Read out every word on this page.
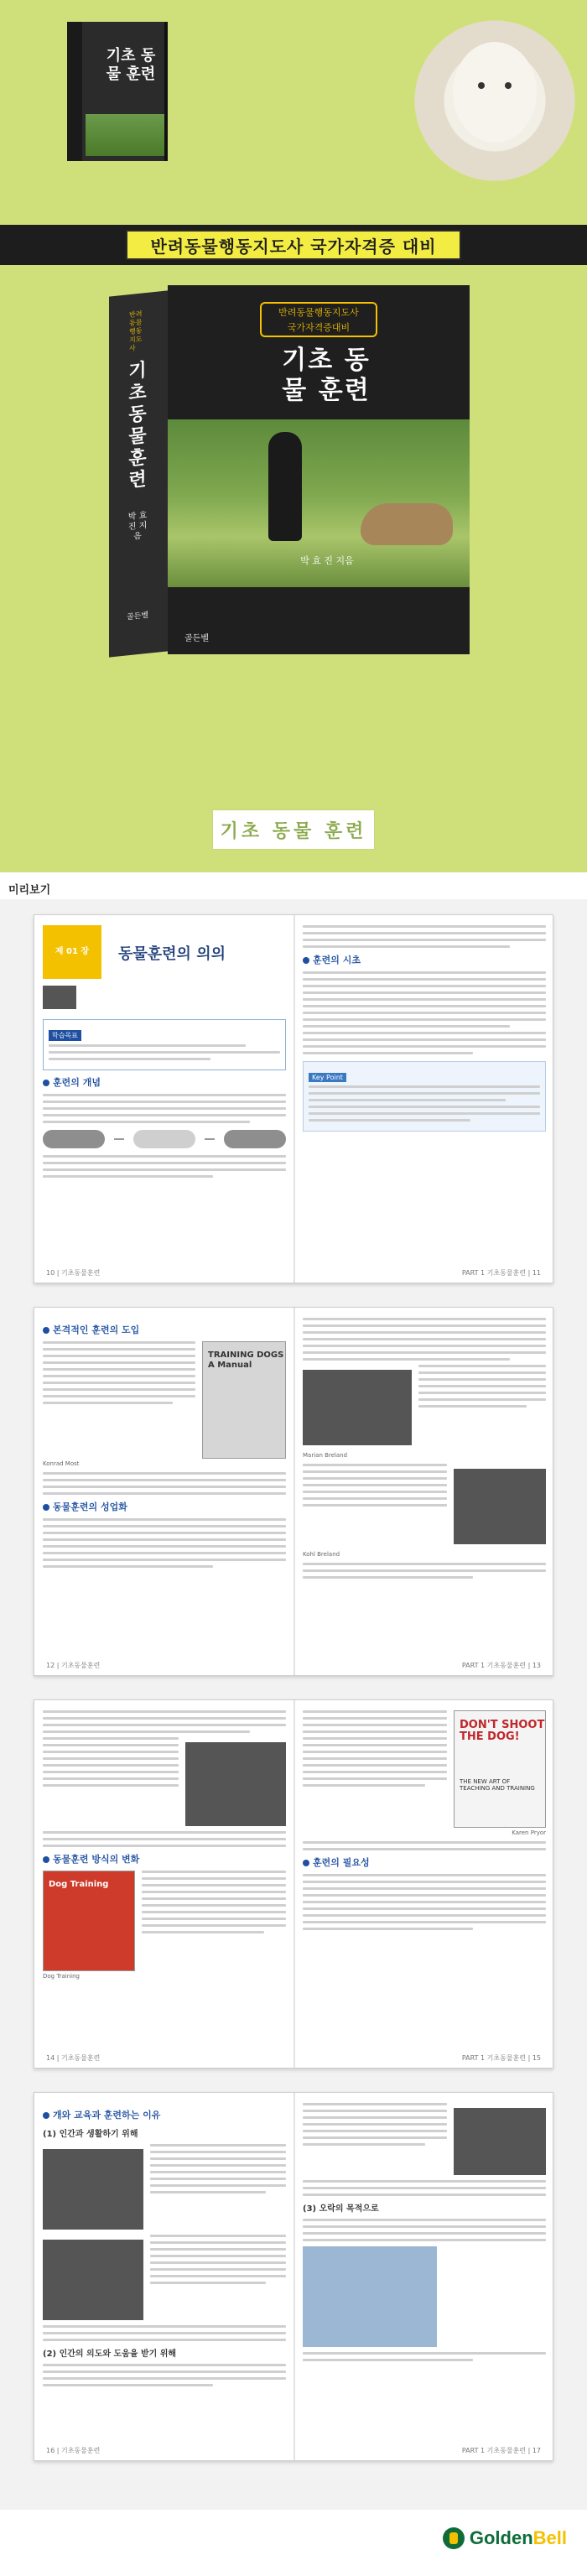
기초 동물 훈련
반려동물행동지도사 국가자격증 대비
반려동물행동지도사
기초 동물 훈련
박 효 진 지음
골든벨
반려동물행동지도사
국가자격증대비
기초 동물 훈련
박 효 진 지음
골든벨
기초 동물 훈련
미리보기
제 01 장	동물훈련의 의의
학습목표
훈련의 개념
훈련의 시초
Key Point
10 | 기초동물훈련	PART 1 기초동물훈련 | 11
본격적인 훈련의 도입
TRAINING DOGS A Manual
Konrad Most
동물훈련의 성업화
Marian Breland
Kohl Breland
12 | 기초동물훈련	PART 1 기초동물훈련 | 13
동물훈련 방식의 변화
Dog Training
Dog Training
DON'T SHOOT THE DOG!
THE NEW ART OF TEACHING AND TRAINING
Karen Pryor
훈련의 필요성
14 | 기초동물훈련	PART 1 기초동물훈련 | 15
개와 교육과 훈련하는 이유
(1) 인간과 생활하기 위해
(2) 인간의 의도와 도움을 받기 위해
(3) 오락의 목적으로
16 | 기초동물훈련	PART 1 기초동물훈련 | 17
GoldenBell
